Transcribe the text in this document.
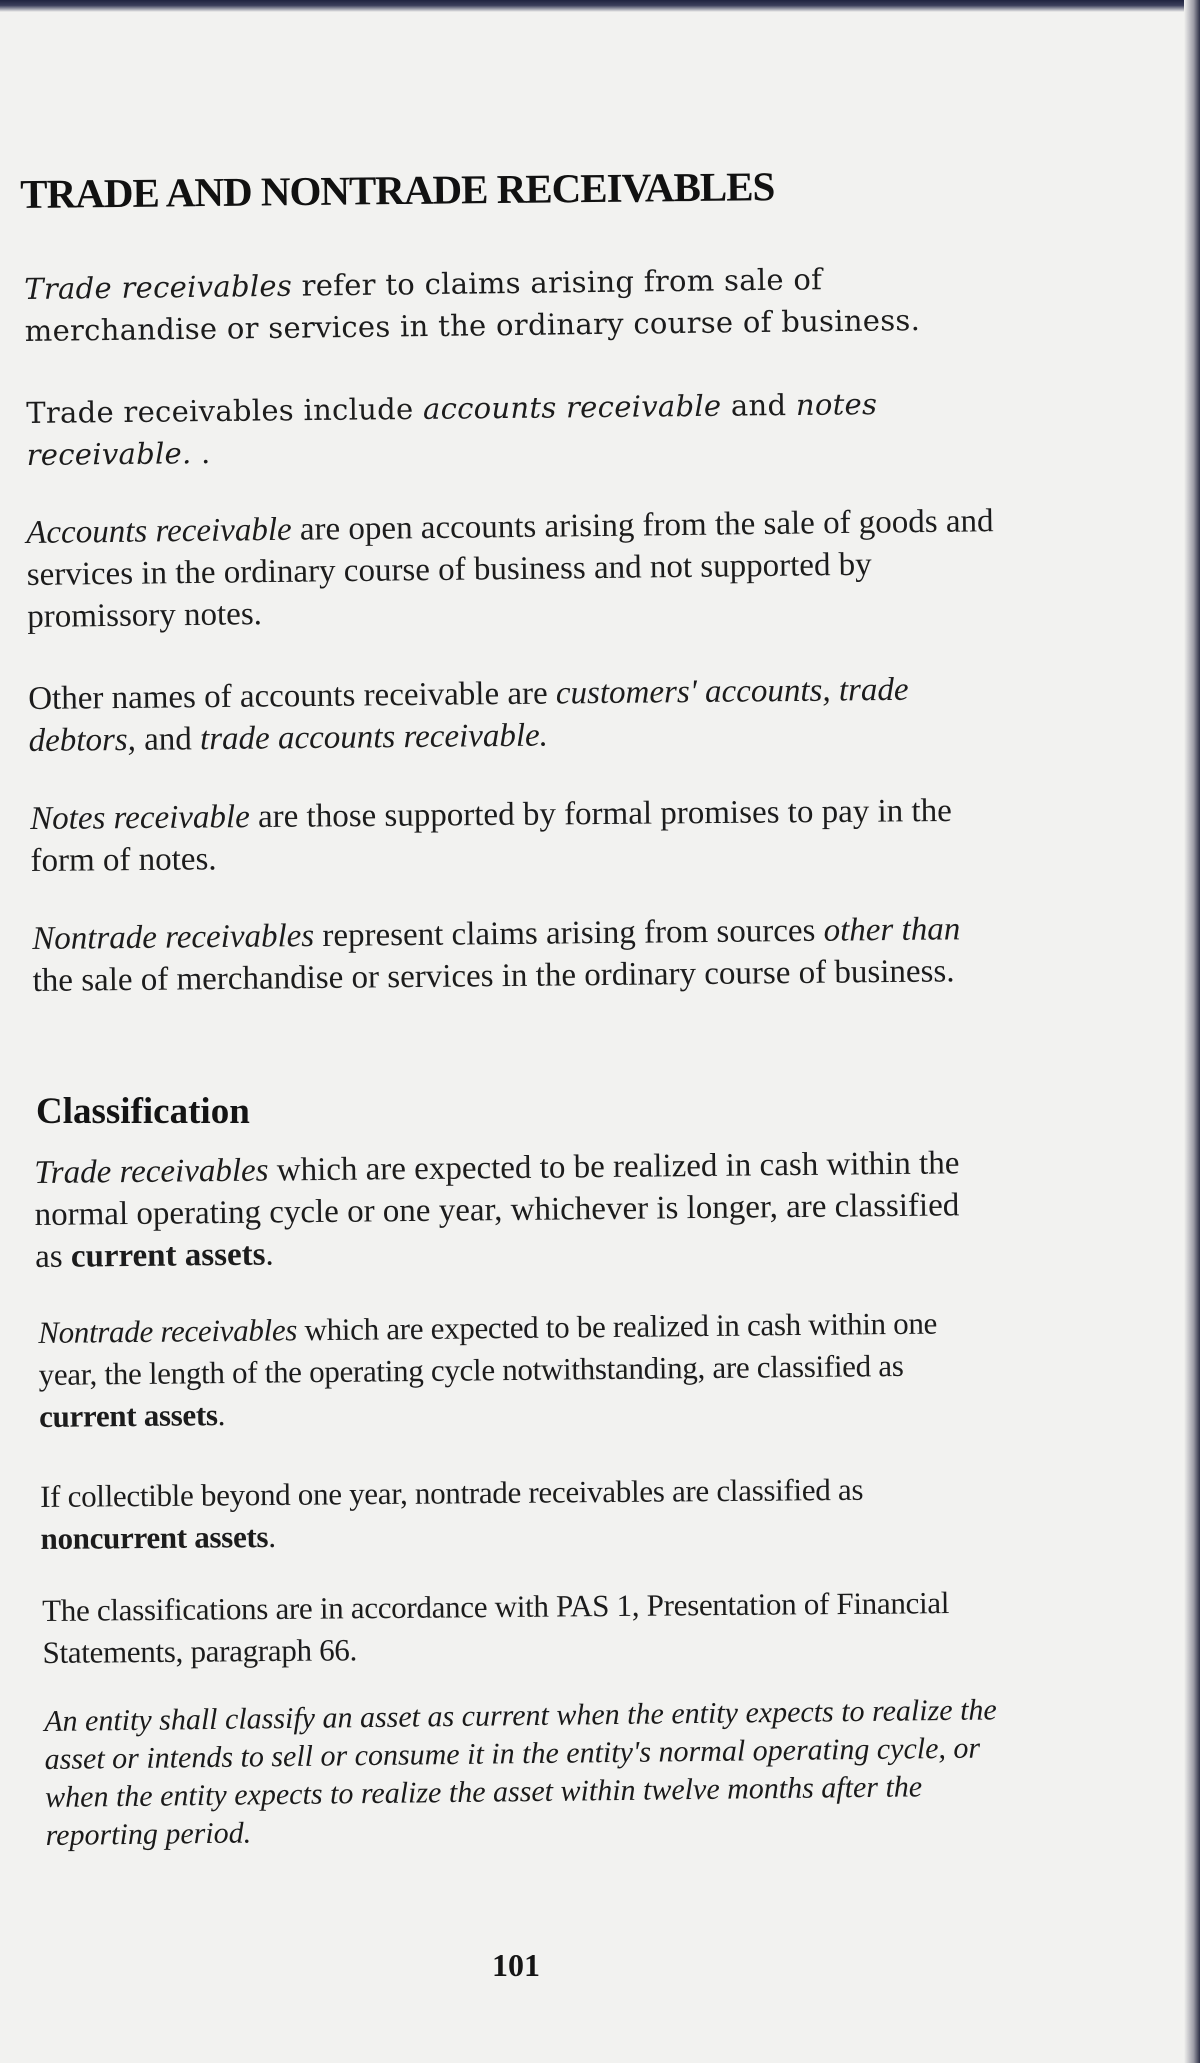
TRADE AND NONTRADE RECEIVABLES

Trade receivables refer to claims arising from sale of merchandise or services in the ordinary course of business.

Trade receivables include accounts receivable and notes receivable. .

Accounts receivable are open accounts arising from the sale of goods and services in the ordinary course of business and not supported by promissory notes.

Other names of accounts receivable are customers' accounts, trade debtors, and trade accounts receivable.

Notes receivable are those supported by formal promises to pay in the form of notes.

Nontrade receivables represent claims arising from sources other than the sale of merchandise or services in the ordinary course of business.

Classification

Trade receivables which are expected to be realized in cash within the normal operating cycle or one year, whichever is longer, are classified as current assets.

Nontrade receivables which are expected to be realized in cash within one year, the length of the operating cycle notwithstanding, are classified as current assets.

If collectible beyond one year, nontrade receivables are classified as noncurrent assets.

The classifications are in accordance with PAS 1, Presentation of Financial Statements, paragraph 66.

An entity shall classify an asset as current when the entity expects to realize the asset or intends to sell or consume it in the entity's normal operating cycle, or when the entity expects to realize the asset within twelve months after the reporting period.

101
